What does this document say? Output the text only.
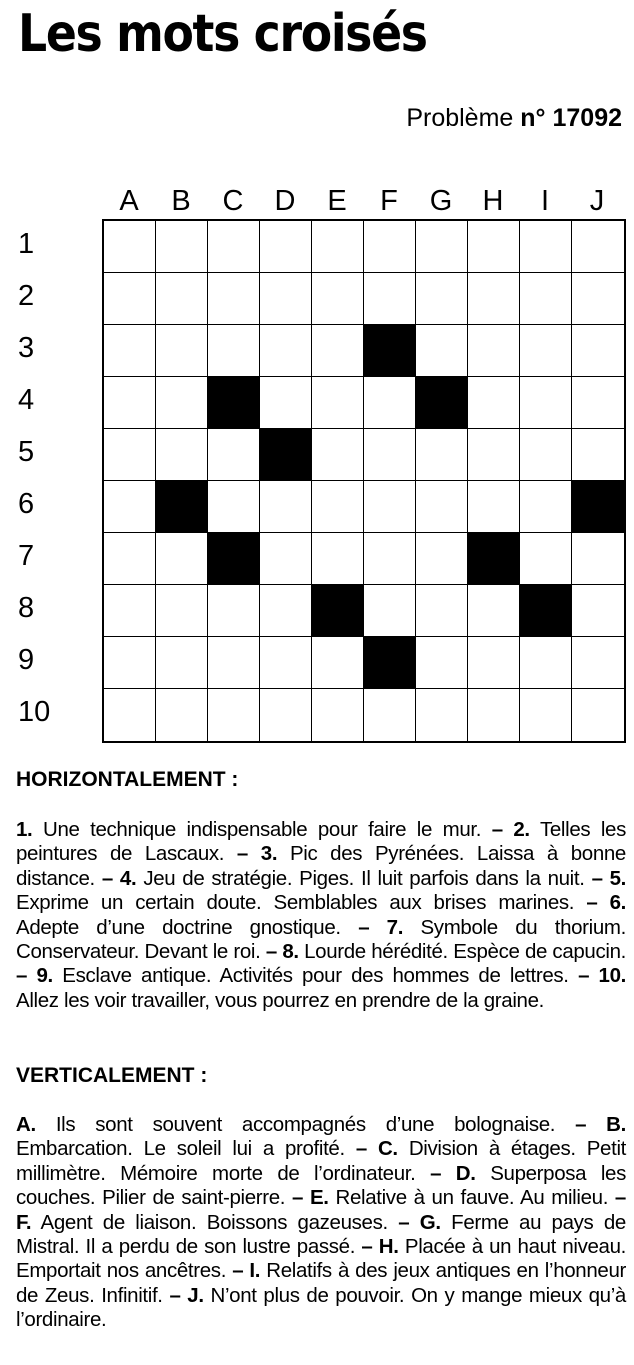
Les mots croisés
Problème n° 17092
A	B	C	D	E	F	G	H	I	J
1
2
3
4
5
6
7
8
9
10
HORIZONTALEMENT :
1. Une technique indispensable pour faire le mur. – 2. Telles les peintures de Lascaux. – 3. Pic des Pyrénées. Laissa à bonne distance. – 4. Jeu de stratégie. Piges. Il luit parfois dans la nuit. – 5. Exprime un certain doute. Semblables aux brises marines. – 6. Adepte d’une doctrine gnostique. – 7. Symbole du thorium. Conservateur. Devant le roi. – 8. Lourde hérédité. Espèce de capucin. – 9. Esclave antique. Activités pour des hommes de lettres. – 10. Allez les voir travailler, vous pourrez en prendre de la graine.
VERTICALEMENT :
A. Ils sont souvent accompagnés d’une bolognaise. – B. Embarcation. Le soleil lui a profité. – C. Division à étages. Petit millimètre. Mémoire morte de l’ordinateur. – D. Superposa les couches. Pilier de saint-pierre. – E. Relative à un fauve. Au milieu. – F. Agent de liaison. Boissons gazeuses. – G. Ferme au pays de Mistral. Il a perdu de son lustre passé. – H. Placée à un haut niveau. Emportait nos ancêtres. – I. Relatifs à des jeux antiques en l’honneur de Zeus. Infinitif. – J. N’ont plus de pouvoir. On y mange mieux qu’à l’ordinaire.
